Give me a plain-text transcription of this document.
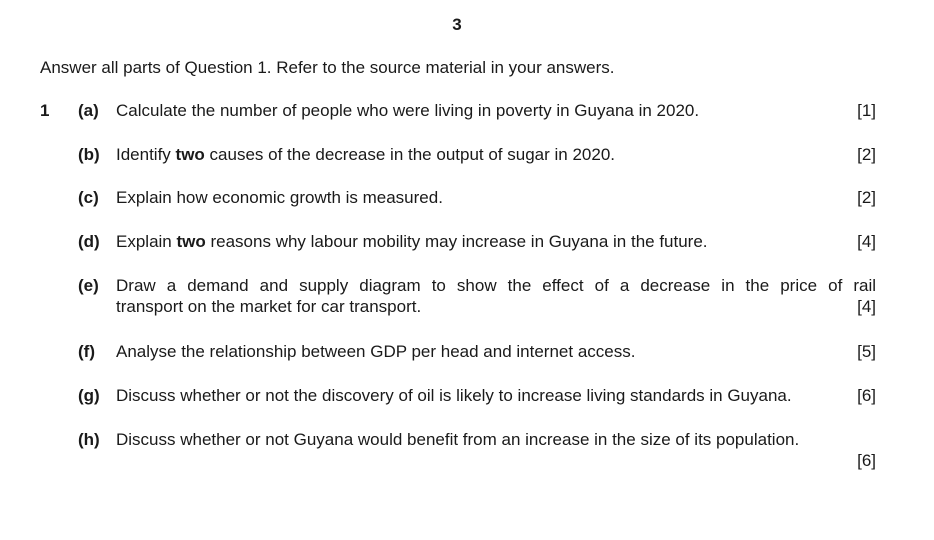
3
Answer all parts of Question 1. Refer to the source material in your answers.
1 (a) Calculate the number of people who were living in poverty in Guyana in 2020.	[1]
(b) Identify two causes of the decrease in the output of sugar in 2020.	[2]
(c) Explain how economic growth is measured.	[2]
(d) Explain two reasons why labour mobility may increase in Guyana in the future.	[4]
(e) Draw a demand and supply diagram to show the effect of a decrease in the price of rail
transport on the market for car transport.	[4]
(f) Analyse the relationship between GDP per head and internet access.	[5]
(g) Discuss whether or not the discovery of oil is likely to increase living standards in Guyana.	[6]
(h) Discuss whether or not Guyana would benefit from an increase in the size of its population.
[6]
